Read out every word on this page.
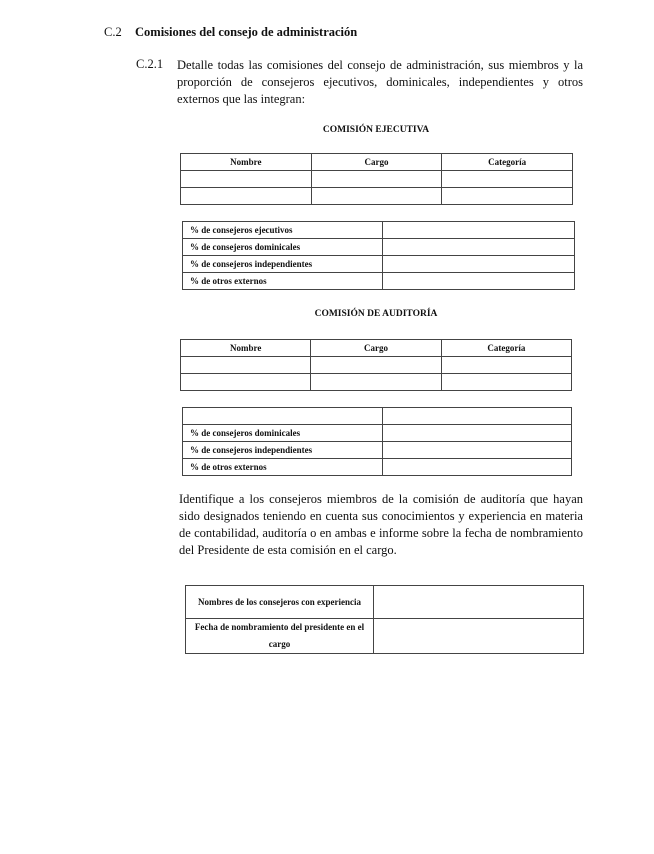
C.2 Comisiones del consejo de administración
C.2.1 Detalle todas las comisiones del consejo de administración, sus miembros y la proporción de consejeros ejecutivos, dominicales, independientes y otros externos que las integran:
COMISIÓN EJECUTIVA
Nombre	Cargo	Categoría

% de consejeros ejecutivos	
% de consejeros dominicales	
% de consejeros independientes	
% de otros externos	
COMISIÓN DE AUDITORÍA
Nombre	Cargo	Categoría

% de consejeros dominicales	
% de consejeros independientes	
% de otros externos	
Identifique a los consejeros miembros de la comisión de auditoría que hayan sido designados teniendo en cuenta sus conocimientos y experiencia en materia de contabilidad, auditoría o en ambas e informe sobre la fecha de nombramiento del Presidente de esta comisión en el cargo.
Nombres de los consejeros con experiencia	
Fecha de nombramiento del presidente en el cargo	
